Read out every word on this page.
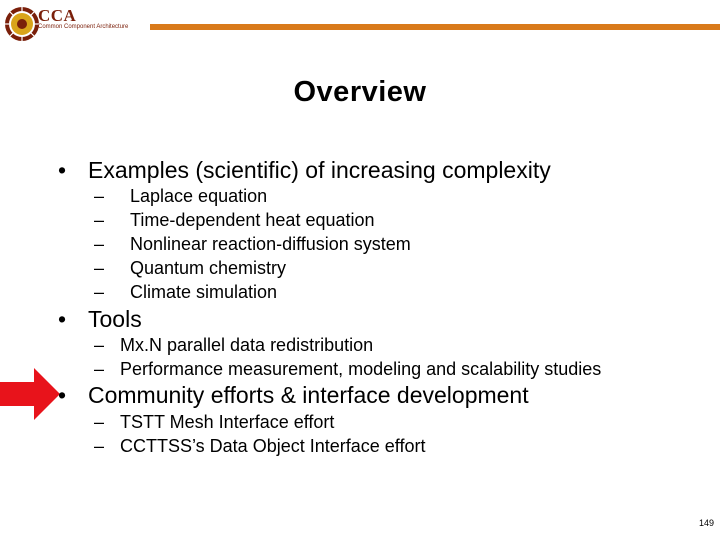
CCA
Common Component Architecture
Overview
• Examples (scientific) of increasing complexity
– Laplace equation
– Time-dependent heat equation
– Nonlinear reaction-diffusion system
– Quantum chemistry
– Climate simulation
• Tools
– Mx.N parallel data redistribution
– Performance measurement, modeling and scalability studies
• Community efforts & interface development
– TSTT Mesh Interface effort
– CCTTSS’s Data Object Interface effort
149
